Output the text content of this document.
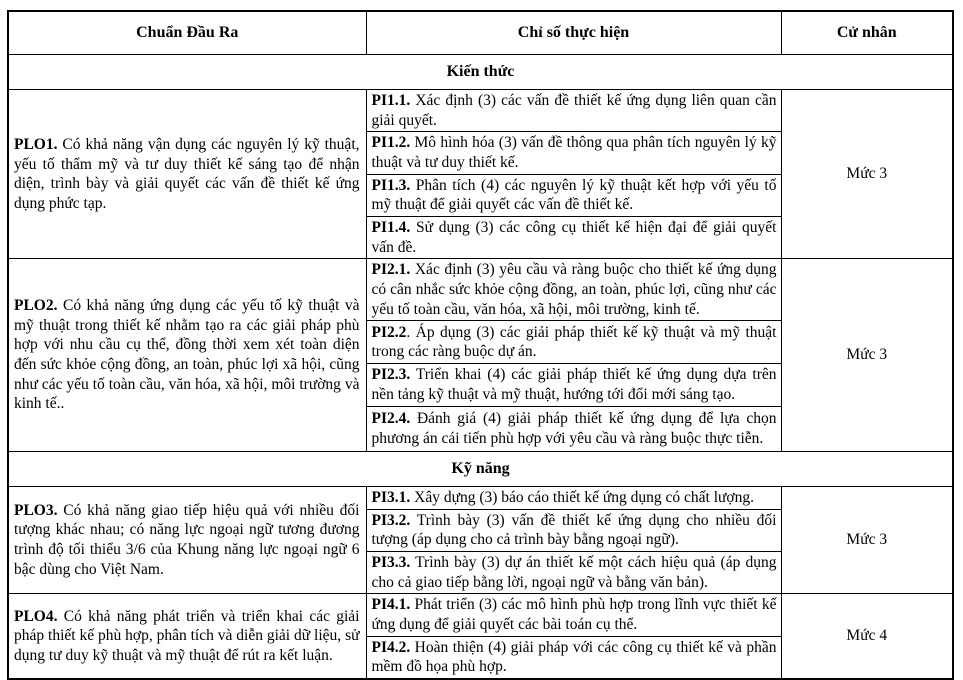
Chuẩn Đầu Ra	Chỉ số thực hiện	Cử nhân
Kiến thức		
PLO1. Có khả năng vận dụng các nguyên lý kỹ thuật, yếu tố thẩm mỹ và tư duy thiết kế sáng tạo để nhận diện, trình bày và giải quyết các vấn đề thiết kế ứng dụng phức tạp.	PI1.1. Xác định (3) các vấn đề thiết kế ứng dụng liên quan cần giải quyết.	Mức 3
	PI1.2. Mô hình hóa (3) vấn đề thông qua phân tích nguyên lý kỹ thuật và tư duy thiết kế.	
	PI1.3. Phân tích (4) các nguyên lý kỹ thuật kết hợp với yếu tố mỹ thuật để giải quyết các vấn đề thiết kế.	
	PI1.4. Sử dụng (3) các công cụ thiết kế hiện đại để giải quyết vấn đề.	
PLO2. Có khả năng ứng dụng các yếu tố kỹ thuật và mỹ thuật trong thiết kế nhằm tạo ra các giải pháp phù hợp với nhu cầu cụ thể, đồng thời xem xét toàn diện đến sức khỏe cộng đồng, an toàn, phúc lợi xã hội, cũng như các yếu tố toàn cầu, văn hóa, xã hội, môi trường và kinh tế..	PI2.1. Xác định (3) yêu cầu và ràng buộc cho thiết kế ứng dụng có cân nhắc sức khỏe cộng đồng, an toàn, phúc lợi, cũng như các yếu tố toàn cầu, văn hóa, xã hội, môi trường, kinh tế.	Mức 3
	PI2.2. Áp dụng (3) các giải pháp thiết kế kỹ thuật và mỹ thuật trong các ràng buộc dự án.	
	PI2.3. Triển khai (4) các giải pháp thiết kế ứng dụng dựa trên nền tảng kỹ thuật và mỹ thuật, hướng tới đổi mới sáng tạo.	
	PI2.4. Đánh giá (4) giải pháp thiết kế ứng dụng để lựa chọn phương án cái tiến phù hợp với yêu cầu và ràng buộc thực tiễn.	
Kỹ năng		
PLO3. Có khả năng giao tiếp hiệu quả với nhiều đối tượng khác nhau; có năng lực ngoại ngữ tương đương trình độ tối thiểu 3/6 của Khung năng lực ngoại ngữ 6 bậc dùng cho Việt Nam.	PI3.1. Xây dựng (3) báo cáo thiết kế ứng dụng có chất lượng.	Mức 3
	PI3.2. Trình bày (3) vấn đề thiết kế ứng dụng cho nhiều đối tượng (áp dụng cho cả trình bày bằng ngoại ngữ).	
	PI3.3. Trình bày (3) dự án thiết kế một cách hiệu quả (áp dụng cho cả giao tiếp bằng lời, ngoại ngữ và bằng văn bản).	
PLO4. Có khả năng phát triển và triển khai các giải pháp thiết kế phù hợp, phân tích và diễn giải dữ liệu, sử dụng tư duy kỹ thuật và mỹ thuật để rút ra kết luận.	PI4.1. Phát triển (3) các mô hình phù hợp trong lĩnh vực thiết kế ứng dụng để giải quyết các bài toán cụ thể.	Mức 4
	PI4.2. Hoàn thiện (4) giải pháp với các công cụ thiết kế và phần mềm đồ họa phù hợp.	
